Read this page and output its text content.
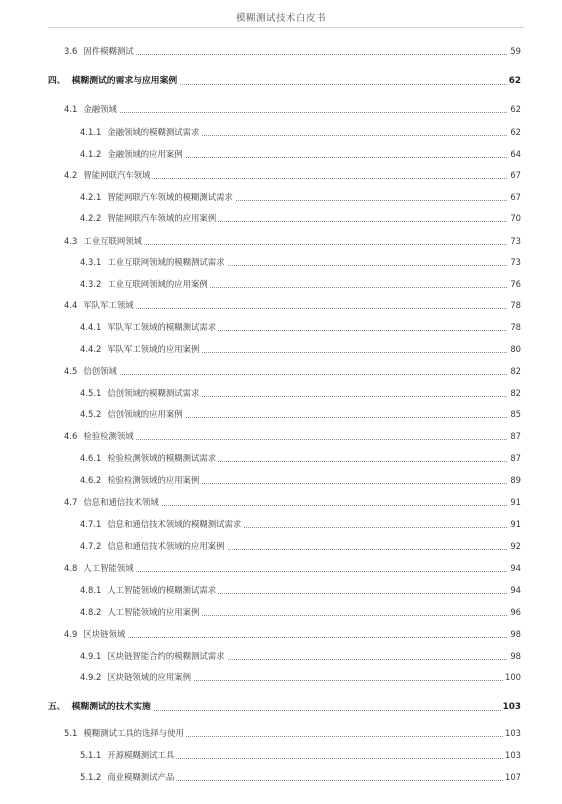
模糊测试技术白皮书
3.6 固件模糊测试	59
四、 模糊测试的需求与应用案例	62
4.1 金融领域	62
4.1.1 金融领域的模糊测试需求	62
4.1.2 金融领域的应用案例	64
4.2 智能网联汽车领域	67
4.2.1 智能网联汽车领域的模糊测试需求	67
4.2.2 智能网联汽车领域的应用案例	70
4.3 工业互联网领域	73
4.3.1 工业互联网领域的模糊测试需求	73
4.3.2 工业互联网领域的应用案例	76
4.4 军队军工领域	78
4.4.1 军队军工领域的模糊测试需求	78
4.4.2 军队军工领域的应用案例	80
4.5 信创领域	82
4.5.1 信创领域的模糊测试需求	82
4.5.2 信创领域的应用案例	85
4.6 检验检测领域	87
4.6.1 检验检测领域的模糊测试需求	87
4.6.2 检验检测领域的应用案例	89
4.7 信息和通信技术领域	91
4.7.1 信息和通信技术领域的模糊测试需求	91
4.7.2 信息和通信技术领域的应用案例	92
4.8 人工智能领域	94
4.8.1 人工智能领域的模糊测试需求	94
4.8.2 人工智能领域的应用案例	96
4.9 区块链领域	98
4.9.1 区块链智能合约的模糊测试需求	98
4.9.2 区块链领域的应用案例	100
五、 模糊测试的技术实施	103
5.1 模糊测试工具的选择与使用	103
5.1.1 开源模糊测试工具	103
5.1.2 商业模糊测试产品	107
